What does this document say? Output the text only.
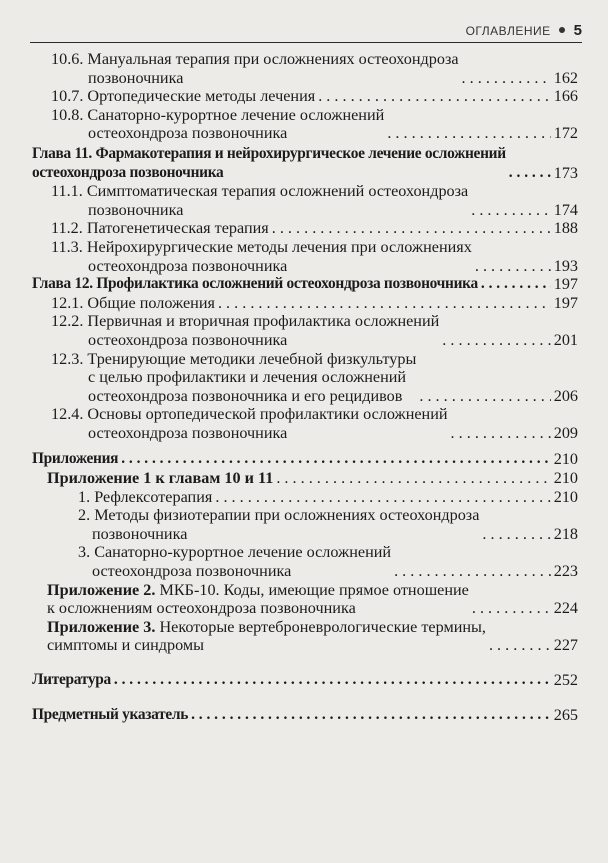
ОГЛАВЛЕНИЕ 5
10.6. Мануальная терапия при осложнениях остеохондроза
позвоночника . . .	162
10.7. Ортопедические методы лечения . . .	166
10.8. Санаторно-курортное лечение осложнений
остеохондроза позвоночника . . .	172
Глава 11. Фармакотерапия и нейрохирургическое лечение осложнений
остеохондроза позвоночника . . .	173
11.1. Симптоматическая терапия осложнений остеохондроза
позвоночника . . .	174
11.2. Патогенетическая терапия . . .	188
11.3. Нейрохирургические методы лечения при осложнениях
остеохондроза позвоночника . . .	193
Глава 12. Профилактика осложнений остеохондроза позвоночника . . .	197
12.1. Общие положения . . .	197
12.2. Первичная и вторичная профилактика осложнений
остеохондроза позвоночника . . .	201
12.3. Тренирующие методики лечебной физкультуры
с целью профилактики и лечения осложнений
остеохондроза позвоночника и его рецидивов . . .	206
12.4. Основы ортопедической профилактики осложнений
остеохондроза позвоночника . . .	209
Приложения . . .	210
Приложение 1 к главам 10 и 11 . . .	210
1. Рефлексотерапия . . .	210
2. Методы физиотерапии при осложнениях остеохондроза
позвоночника . . .	218
3. Санаторно-курортное лечение осложнений
остеохондроза позвоночника . . .	223
Приложение 2. МКБ-10. Коды, имеющие прямое отношение
к осложнениям остеохондроза позвоночника . . .	224
Приложение 3. Некоторые вертеброневрологические термины,
симптомы и синдромы . . .	227
Литература . . .	252
Предметный указатель . . .	265
